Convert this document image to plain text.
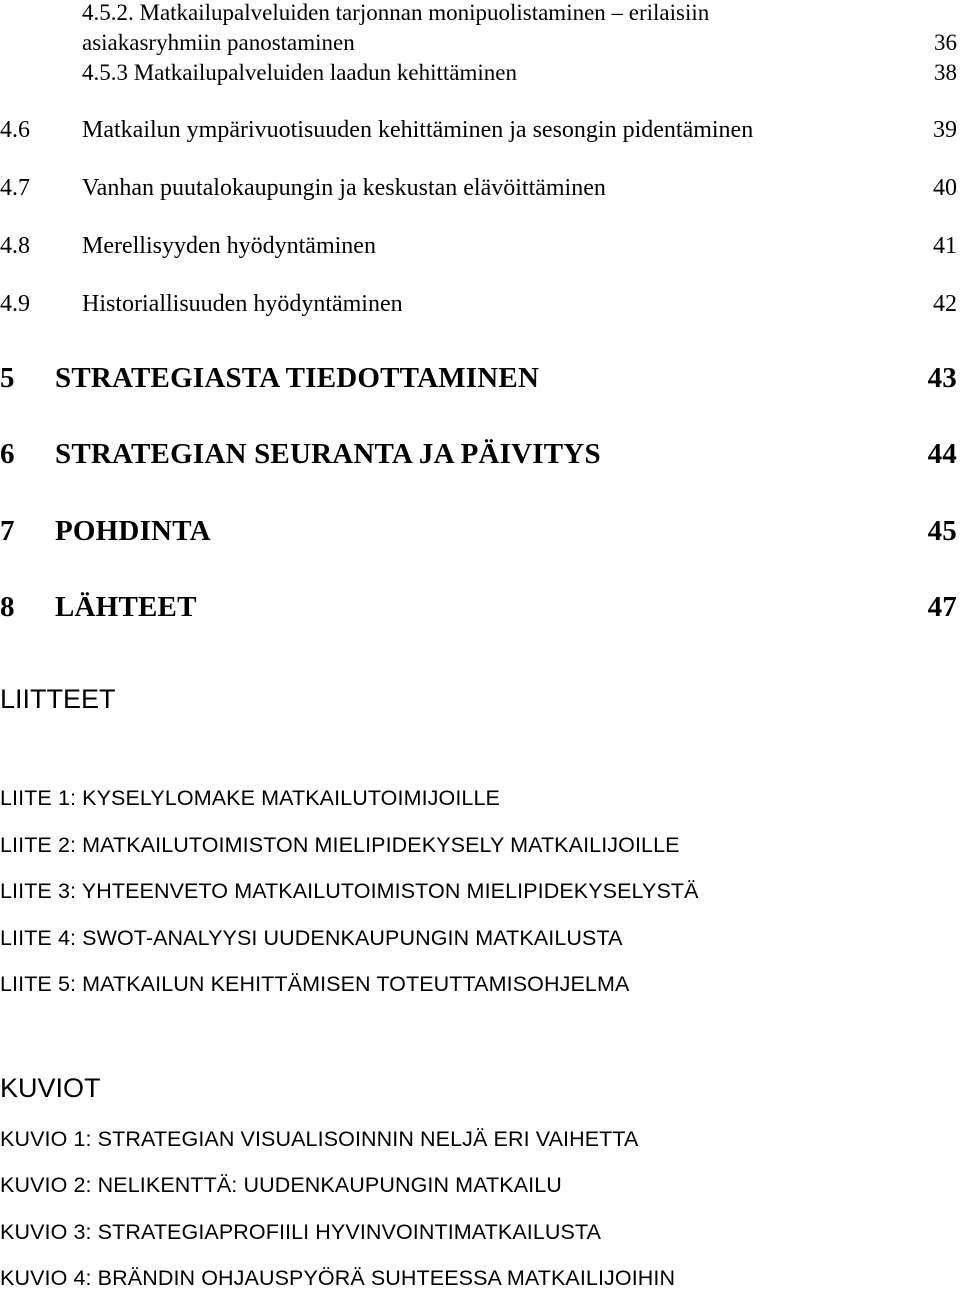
4.5.2. Matkailupalveluiden tarjonnan monipuolistaminen – erilaisiin
asiakasryhmiin panostaminen	36
4.5.3 Matkailupalveluiden laadun kehittäminen	38
4.6 Matkailun ympärivuotisuuden kehittäminen ja sesongin pidentäminen	39
4.7 Vanhan puutalokaupungin ja keskustan elävöittäminen	40
4.8 Merellisyyden hyödyntäminen	41
4.9 Historiallisuuden hyödyntäminen	42
5 STRATEGIASTA TIEDOTTAMINEN	43
6 STRATEGIAN SEURANTA JA PÄIVITYS	44
7 POHDINTA	45
8 LÄHTEET	47
LIITTEET
LIITE 1: KYSELYLOMAKE MATKAILUTOIMIJOILLE
LIITE 2: MATKAILUTOIMISTON MIELIPIDEKYSELY MATKAILIJOILLE
LIITE 3: YHTEENVETO MATKAILUTOIMISTON MIELIPIDEKYSELYSTÄ
LIITE 4: SWOT-ANALYYSI UUDENKAUPUNGIN MATKAILUSTA
LIITE 5: MATKAILUN KEHITTÄMISEN TOTEUTTAMISOHJELMA
KUVIOT
KUVIO 1: STRATEGIAN VISUALISOINNIN NELJÄ ERI VAIHETTA
KUVIO 2: NELIKENTTÄ: UUDENKAUPUNGIN MATKAILU
KUVIO 3: STRATEGIAPROFIILI HYVINVOINTIMATKAILUSTA
KUVIO 4: BRÄNDIN OHJAUSPYÖRÄ SUHTEESSA MATKAILIJOIHIN
